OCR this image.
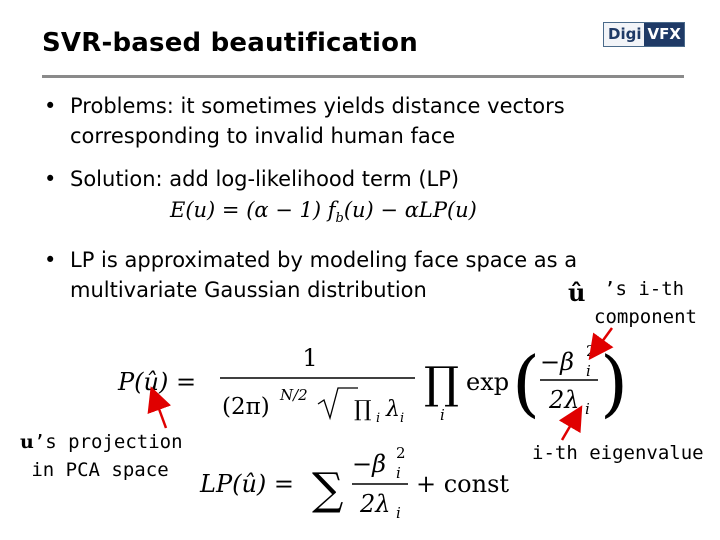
SVR-based beautification	Digi VFX
• Problems: it sometimes yields distance vectors
corresponding to invalid human face
• Solution: add log-likelihood term (LP)
E(u) = (α − 1) $f_b(u) - \alpha LP(u)$
• LP is approximated by modeling face space as a
multivariate Gaussian distribution	û ’s i-th
component
u’s projection
in PCA space
i-th eigenvalue
P(û) =
1
(2π) N/2
∏ i λ i
∏
i
exp ( −β 2
i
2λ i )
LP(û) = ∑ −β 2
i
2λ i
+ const
